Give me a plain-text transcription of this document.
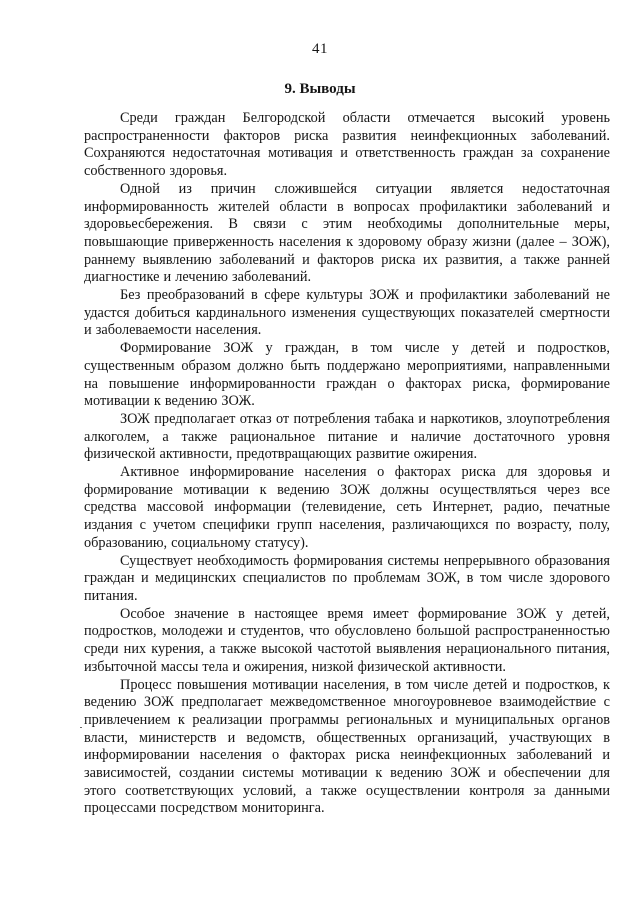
41
9. Выводы

Среди граждан Белгородской области отмечается высокий уровень распространенности факторов риска развития неинфекционных заболеваний. Сохраняются недостаточная мотивация и ответственность граждан за сохранение собственного здоровья.

Одной из причин сложившейся ситуации является недостаточная информированность жителей области в вопросах профилактики заболеваний и здоровьесбережения. В связи с этим необходимы дополнительные меры, повышающие приверженность населения к здоровому образу жизни (далее – ЗОЖ), раннему выявлению заболеваний и факторов риска их развития, а также ранней диагностике и лечению заболеваний.

Без преобразований в сфере культуры ЗОЖ и профилактики заболеваний не удастся добиться кардинального изменения существующих показателей смертности и заболеваемости населения.

Формирование ЗОЖ у граждан, в том числе у детей и подростков, существенным образом должно быть поддержано мероприятиями, направленными на повышение информированности граждан о факторах риска, формирование мотивации к ведению ЗОЖ.

ЗОЖ предполагает отказ от потребления табака и наркотиков, злоупотребления алкоголем, а также рациональное питание и наличие достаточного уровня физической активности, предотвращающих развитие ожирения.

Активное информирование населения о факторах риска для здоровья и формирование мотивации к ведению ЗОЖ должны осуществляться через все средства массовой информации (телевидение, сеть Интернет, радио, печатные издания с учетом специфики групп населения, различающихся по возрасту, полу, образованию, социальному статусу).

Существует необходимость формирования системы непрерывного образования граждан и медицинских специалистов по проблемам ЗОЖ, в том числе здорового питания.

Особое значение в настоящее время имеет формирование ЗОЖ у детей, подростков, молодежи и студентов, что обусловлено большой распространенностью среди них курения, а также высокой частотой выявления нерационального питания, избыточной массы тела и ожирения, низкой физической активности.

Процесс повышения мотивации населения, в том числе детей и подростков, к ведению ЗОЖ предполагает межведомственное многоуровневое взаимодействие с привлечением к реализации программы региональных и муниципальных органов власти, министерств и ведомств, общественных организаций, участвующих в информировании населения о факторах риска неинфекционных заболеваний и зависимостей, создании системы мотивации к ведению ЗОЖ и обеспечении для этого соответствующих условий, а также осуществлении контроля за данными процессами посредством мониторинга.
